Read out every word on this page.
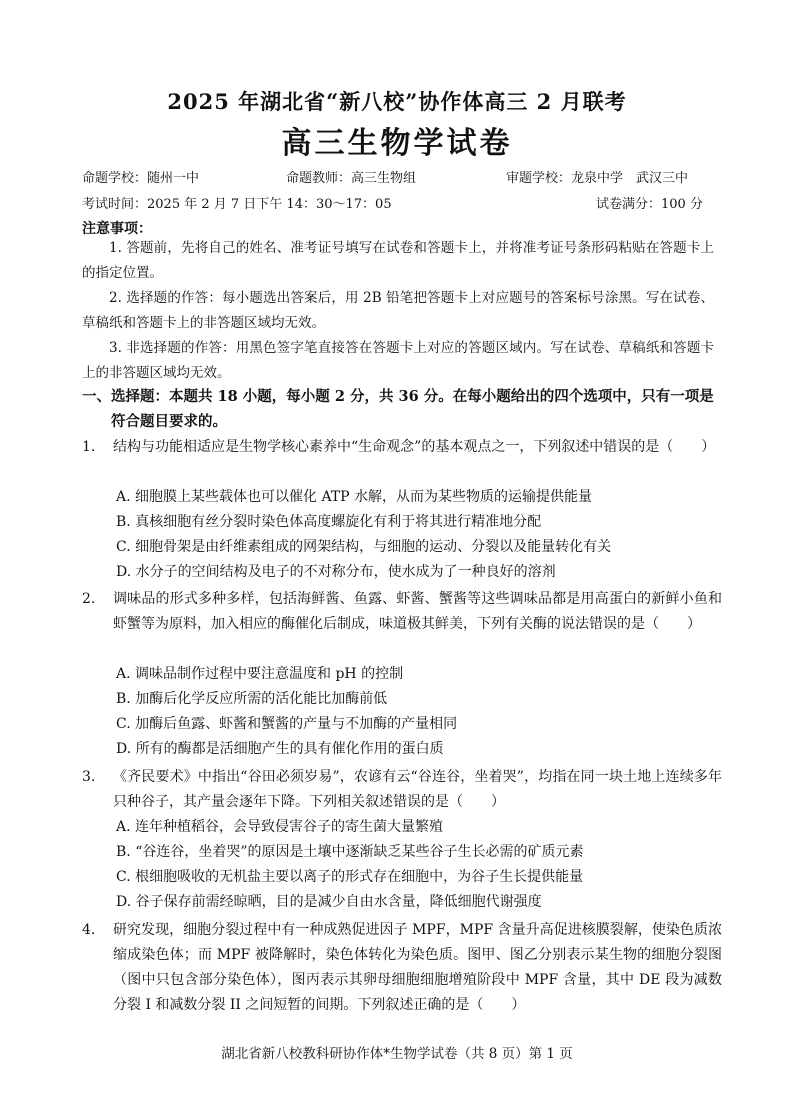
2025 年湖北省“新八校”协作体高三 2 月联考
高三生物学试卷
命题学校：随州一中	命题教师：高三生物组	审题学校：龙泉中学　武汉三中
考试时间：2025 年 2 月 7 日下午 14：30～17：05	试卷满分：100 分
注意事项：
1. 答题前，先将自己的姓名、准考证号填写在试卷和答题卡上，并将准考证号条形码粘贴在答题卡上的指定位置。
2. 选择题的作答：每小题选出答案后，用 2B 铅笔把答题卡上对应题号的答案标号涂黑。写在试卷、草稿纸和答题卡上的非答题区域均无效。
3. 非选择题的作答：用黑色签字笔直接答在答题卡上对应的答题区域内。写在试卷、草稿纸和答题卡上的非答题区域均无效。
一、选择题：本题共 18 小题，每小题 2 分，共 36 分。在每小题给出的四个选项中，只有一项是
符合题目要求的。
1.	结构与功能相适应是生物学核心素养中“生命观念”的基本观点之一，下列叙述中错误的是（　　）
A. 细胞膜上某些载体也可以催化 ATP 水解，从而为某些物质的运输提供能量
B. 真核细胞有丝分裂时染色体高度螺旋化有利于将其进行精准地分配
C. 细胞骨架是由纤维素组成的网架结构，与细胞的运动、分裂以及能量转化有关
D. 水分子的空间结构及电子的不对称分布，使水成为了一种良好的溶剂
2.	调味品的形式多种多样，包括海鲜酱、鱼露、虾酱、蟹酱等这些调味品都是用高蛋白的新鲜小鱼和虾蟹等为原料，加入相应的酶催化后制成，味道极其鲜美，下列有关酶的说法错误的是（　　）
A. 调味品制作过程中要注意温度和 pH 的控制
B. 加酶后化学反应所需的活化能比加酶前低
C. 加酶后鱼露、虾酱和蟹酱的产量与不加酶的产量相同
D. 所有的酶都是活细胞产生的具有催化作用的蛋白质
3.	《齐民要术》中指出“谷田必须岁易”，农谚有云“谷连谷，坐着哭”，均指在同一块土地上连续多年只种谷子，其产量会逐年下降。下列相关叙述错误的是（　　）
A. 连年种植稻谷，会导致侵害谷子的寄生菌大量繁殖
B. “谷连谷，坐着哭”的原因是土壤中逐渐缺乏某些谷子生长必需的矿质元素
C. 根细胞吸收的无机盐主要以离子的形式存在细胞中，为谷子生长提供能量
D. 谷子保存前需经晾晒，目的是减少自由水含量，降低细胞代谢强度
4.	研究发现，细胞分裂过程中有一种成熟促进因子 MPF，MPF 含量升高促进核膜裂解，使染色质浓缩成染色体；而 MPF 被降解时，染色体转化为染色质。图甲、图乙分别表示某生物的细胞分裂图（图中只包含部分染色体），图丙表示其卵母细胞细胞增殖阶段中 MPF 含量，其中 DE 段为减数分裂 I 和减数分裂 II 之间短暂的间期。下列叙述正确的是（　　）
湖北省新八校教科研协作体*生物学试卷（共 8 页）第 1 页
